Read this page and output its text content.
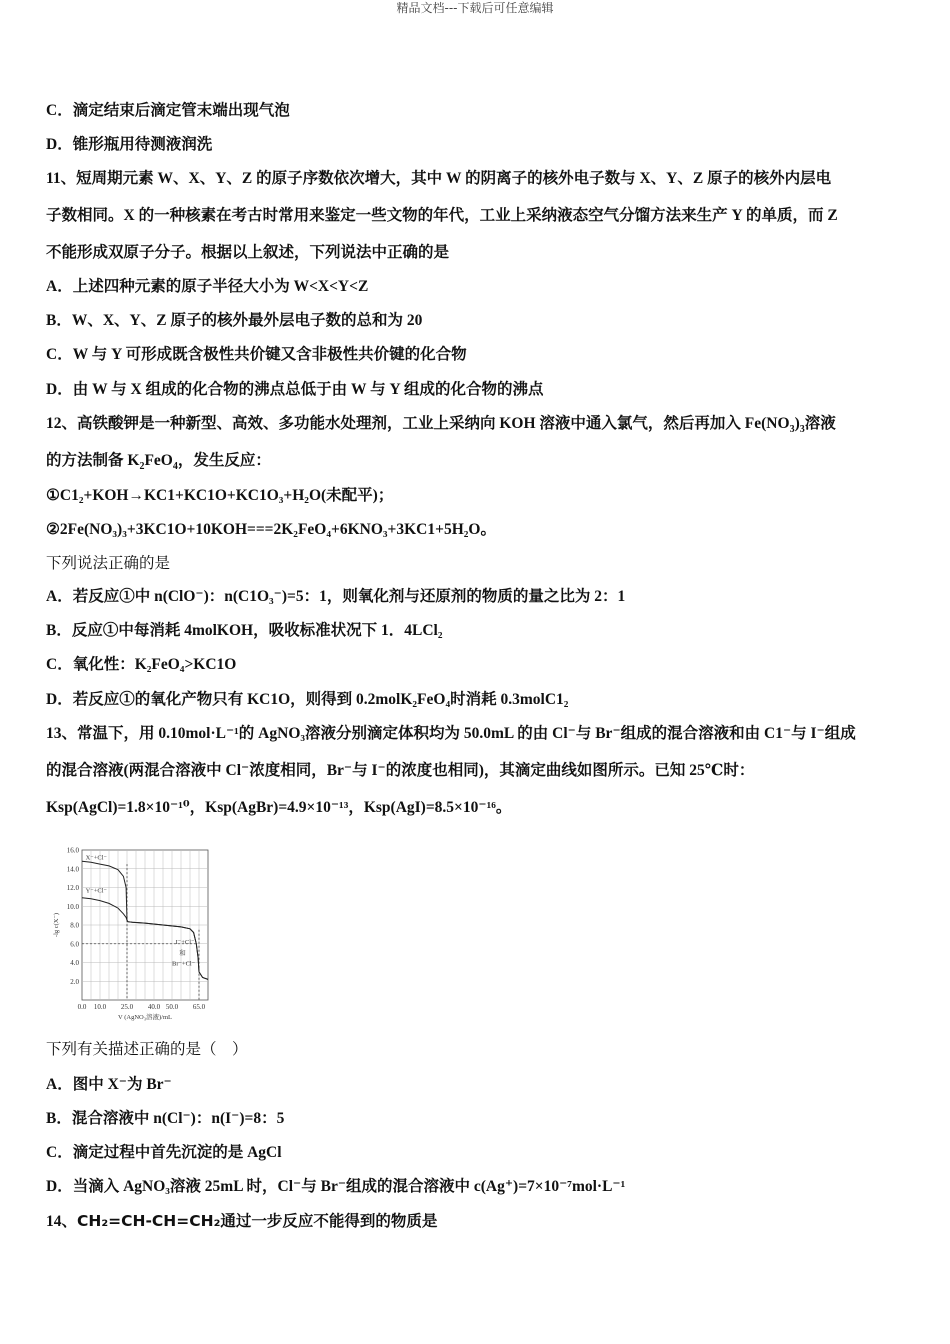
精品文档---下载后可任意编辑
C．滴定结束后滴定管末端出现气泡
D．锥形瓶用待测液润洗
11、短周期元素 W、X、Y、Z 的原子序数依次增大，其中 W 的阴离子的核外电子数与 X、Y、Z 原子的核外内层电
子数相同。X 的一种核素在考古时常用来鉴定一些文物的年代，工业上采纳液态空气分馏方法来生产 Y 的单质，而 Z
不能形成双原子分子。根据以上叙述，下列说法中正确的是
A．上述四种元素的原子半径大小为 W<X<Y<Z
B．W、X、Y、Z 原子的核外最外层电子数的总和为 20
C．W 与 Y 可形成既含极性共价键又含非极性共价键的化合物
D．由 W 与 X 组成的化合物的沸点总低于由 W 与 Y 组成的化合物的沸点
12、高铁酸钾是一种新型、高效、多功能水处理剂，工业上采纳向 KOH 溶液中通入氯气，然后再加入 $Fe(NO_3)_3$溶液
的方法制备 $K_2FeO_4$，发生反应：
①C1₂+KOH→KC1+KC1O+KC1O₃+H₂O(未配平)；
②2Fe(NO₃)₃+3KC1O+10KOH===2K₂FeO₄+6KNO₃+3KC1+5H₂O。
下列说法正确的是
A．若反应①中 n(ClO⁻)：n(C1O₃⁻)=5：1，则氧化剂与还原剂的物质的量之比为 2：1
B．反应①中每消耗 4molKOH，吸收标准状况下 1．4LCl₂
C．氧化性：K₂FeO₄>KC1O
D．若反应①的氧化产物只有 KC1O，则得到 0.2molK₂FeO₄时消耗 0.3molC1₂
13、常温下，用 0.10mol·L⁻¹的 AgNO₃溶液分别滴定体积均为 50.0mL 的由 Cl⁻与 Br⁻组成的混合溶液和由 C1⁻与 I⁻组成
的混合溶液(两混合溶液中 Cl⁻浓度相同，Br⁻与 I⁻的浓度也相同)，其滴定曲线如图所示。已知 25℃时：
Ksp(AgCl)=1.8×10⁻¹⁰，Ksp(AgBr)=4.9×10⁻¹³，Ksp(AgI)=8.5×10⁻¹⁶。
16.0
14.0
12.0
10.0
8.0
6.0
4.0
2.0
0.0 10.0 25.0 40.0 50.0 65.0
V (AgNO₃溶液)/mL
-lg c(X⁻)
X⁻+Cl⁻
Y⁻+Cl⁻
I⁻+Cl⁻
和
Br⁻+Cl⁻
下列有关描述正确的是（　）
A．图中 X⁻为 Br⁻
B．混合溶液中 n(Cl⁻)：n(I⁻)=8：5
C．滴定过程中首先沉淀的是 AgCl
D．当滴入 AgNO₃溶液 25mL 时，Cl⁻与 Br⁻组成的混合溶液中 c(Ag⁺)=7×10⁻⁷mol·L⁻¹
14、CH₂=CH-CH=CH₂通过一步反应不能得到的物质是
